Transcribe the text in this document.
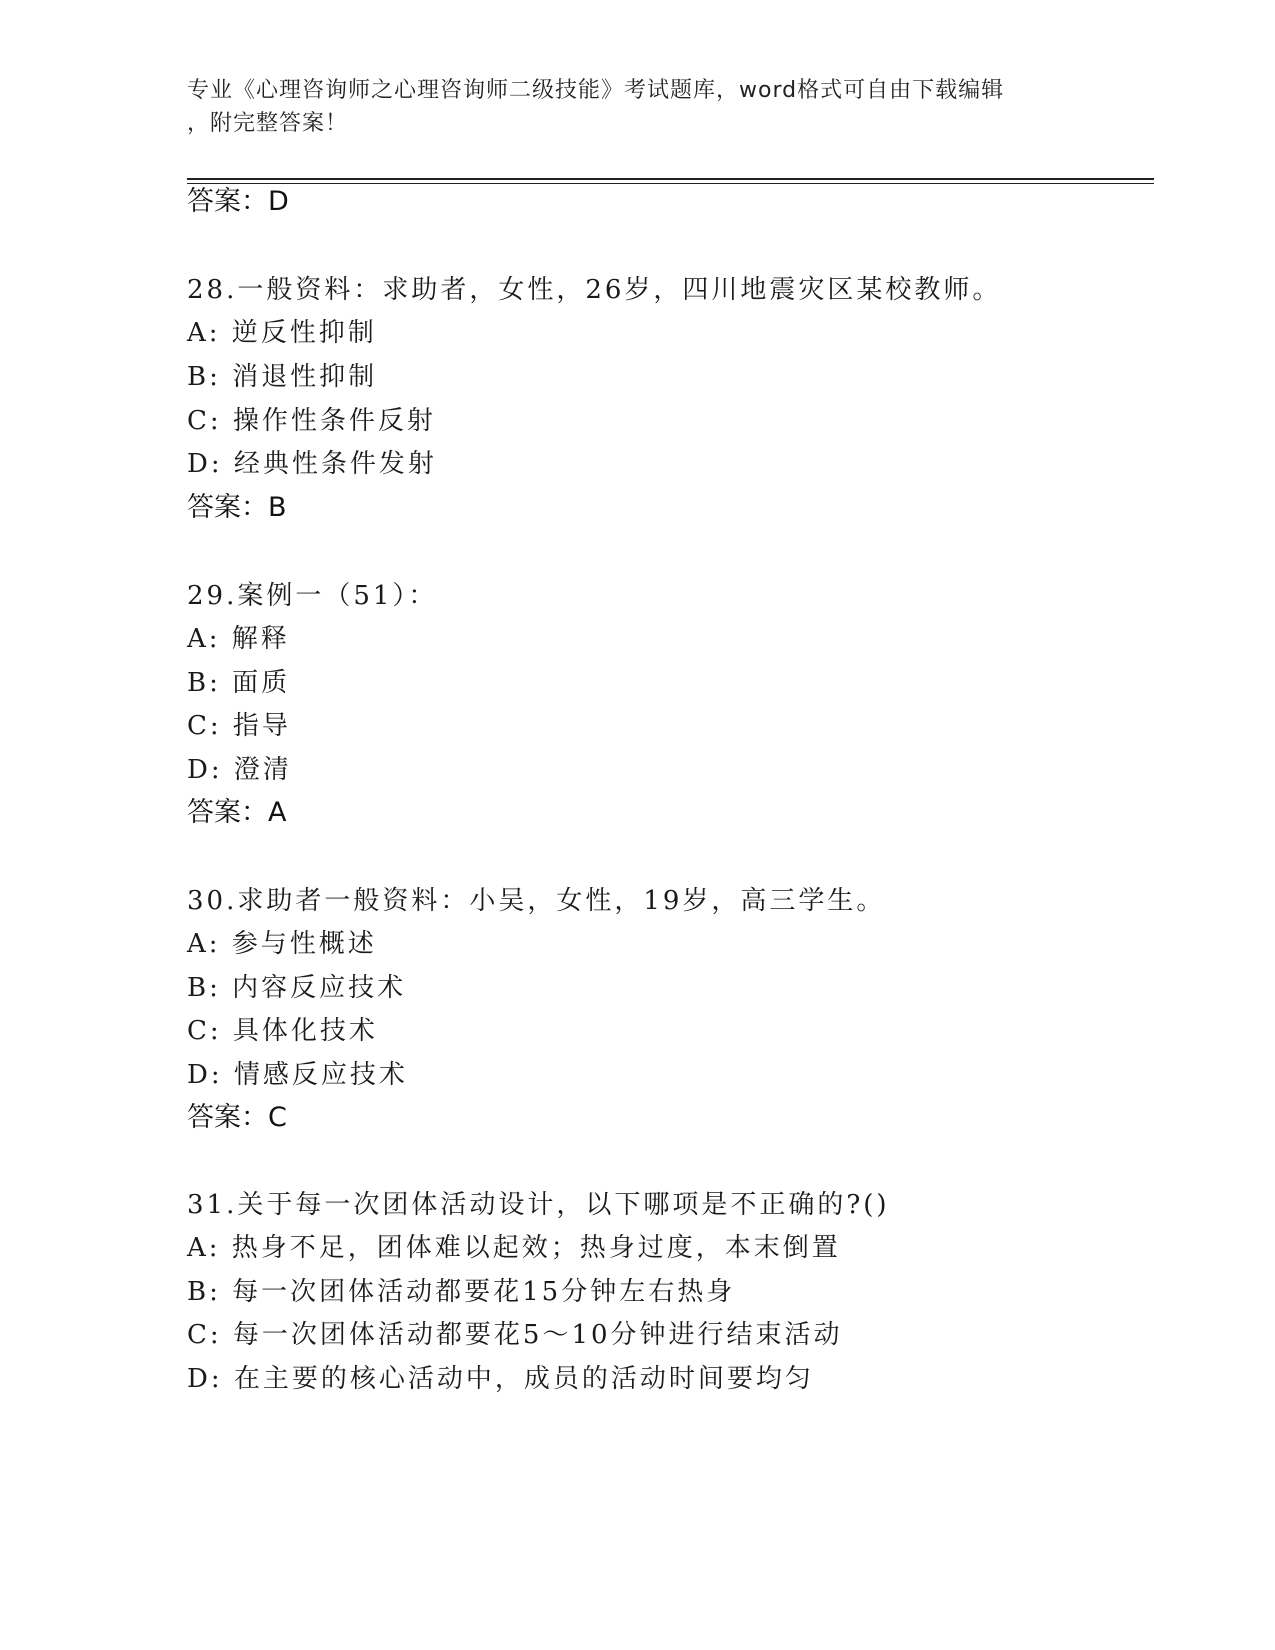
专业《心理咨询师之心理咨询师二级技能》考试题库，word格式可自由下载编辑
，附完整答案！
答案：D
28.一般资料：求助者，女性，26岁，四川地震灾区某校教师。
A: 逆反性抑制
B: 消退性抑制
C: 操作性条件反射
D: 经典性条件发射
答案：B
29.案例一（51）：
A: 解释
B: 面质
C: 指导
D: 澄清
答案：A
30.求助者一般资料：小吴，女性，19岁，高三学生。
A: 参与性概述
B: 内容反应技术
C: 具体化技术
D: 情感反应技术
答案：C
31.关于每一次团体活动设计，以下哪项是不正确的?()
A: 热身不足，团体难以起效；热身过度，本末倒置
B: 每一次团体活动都要花15分钟左右热身
C: 每一次团体活动都要花5～10分钟进行结束活动
D: 在主要的核心活动中，成员的活动时间要均匀
